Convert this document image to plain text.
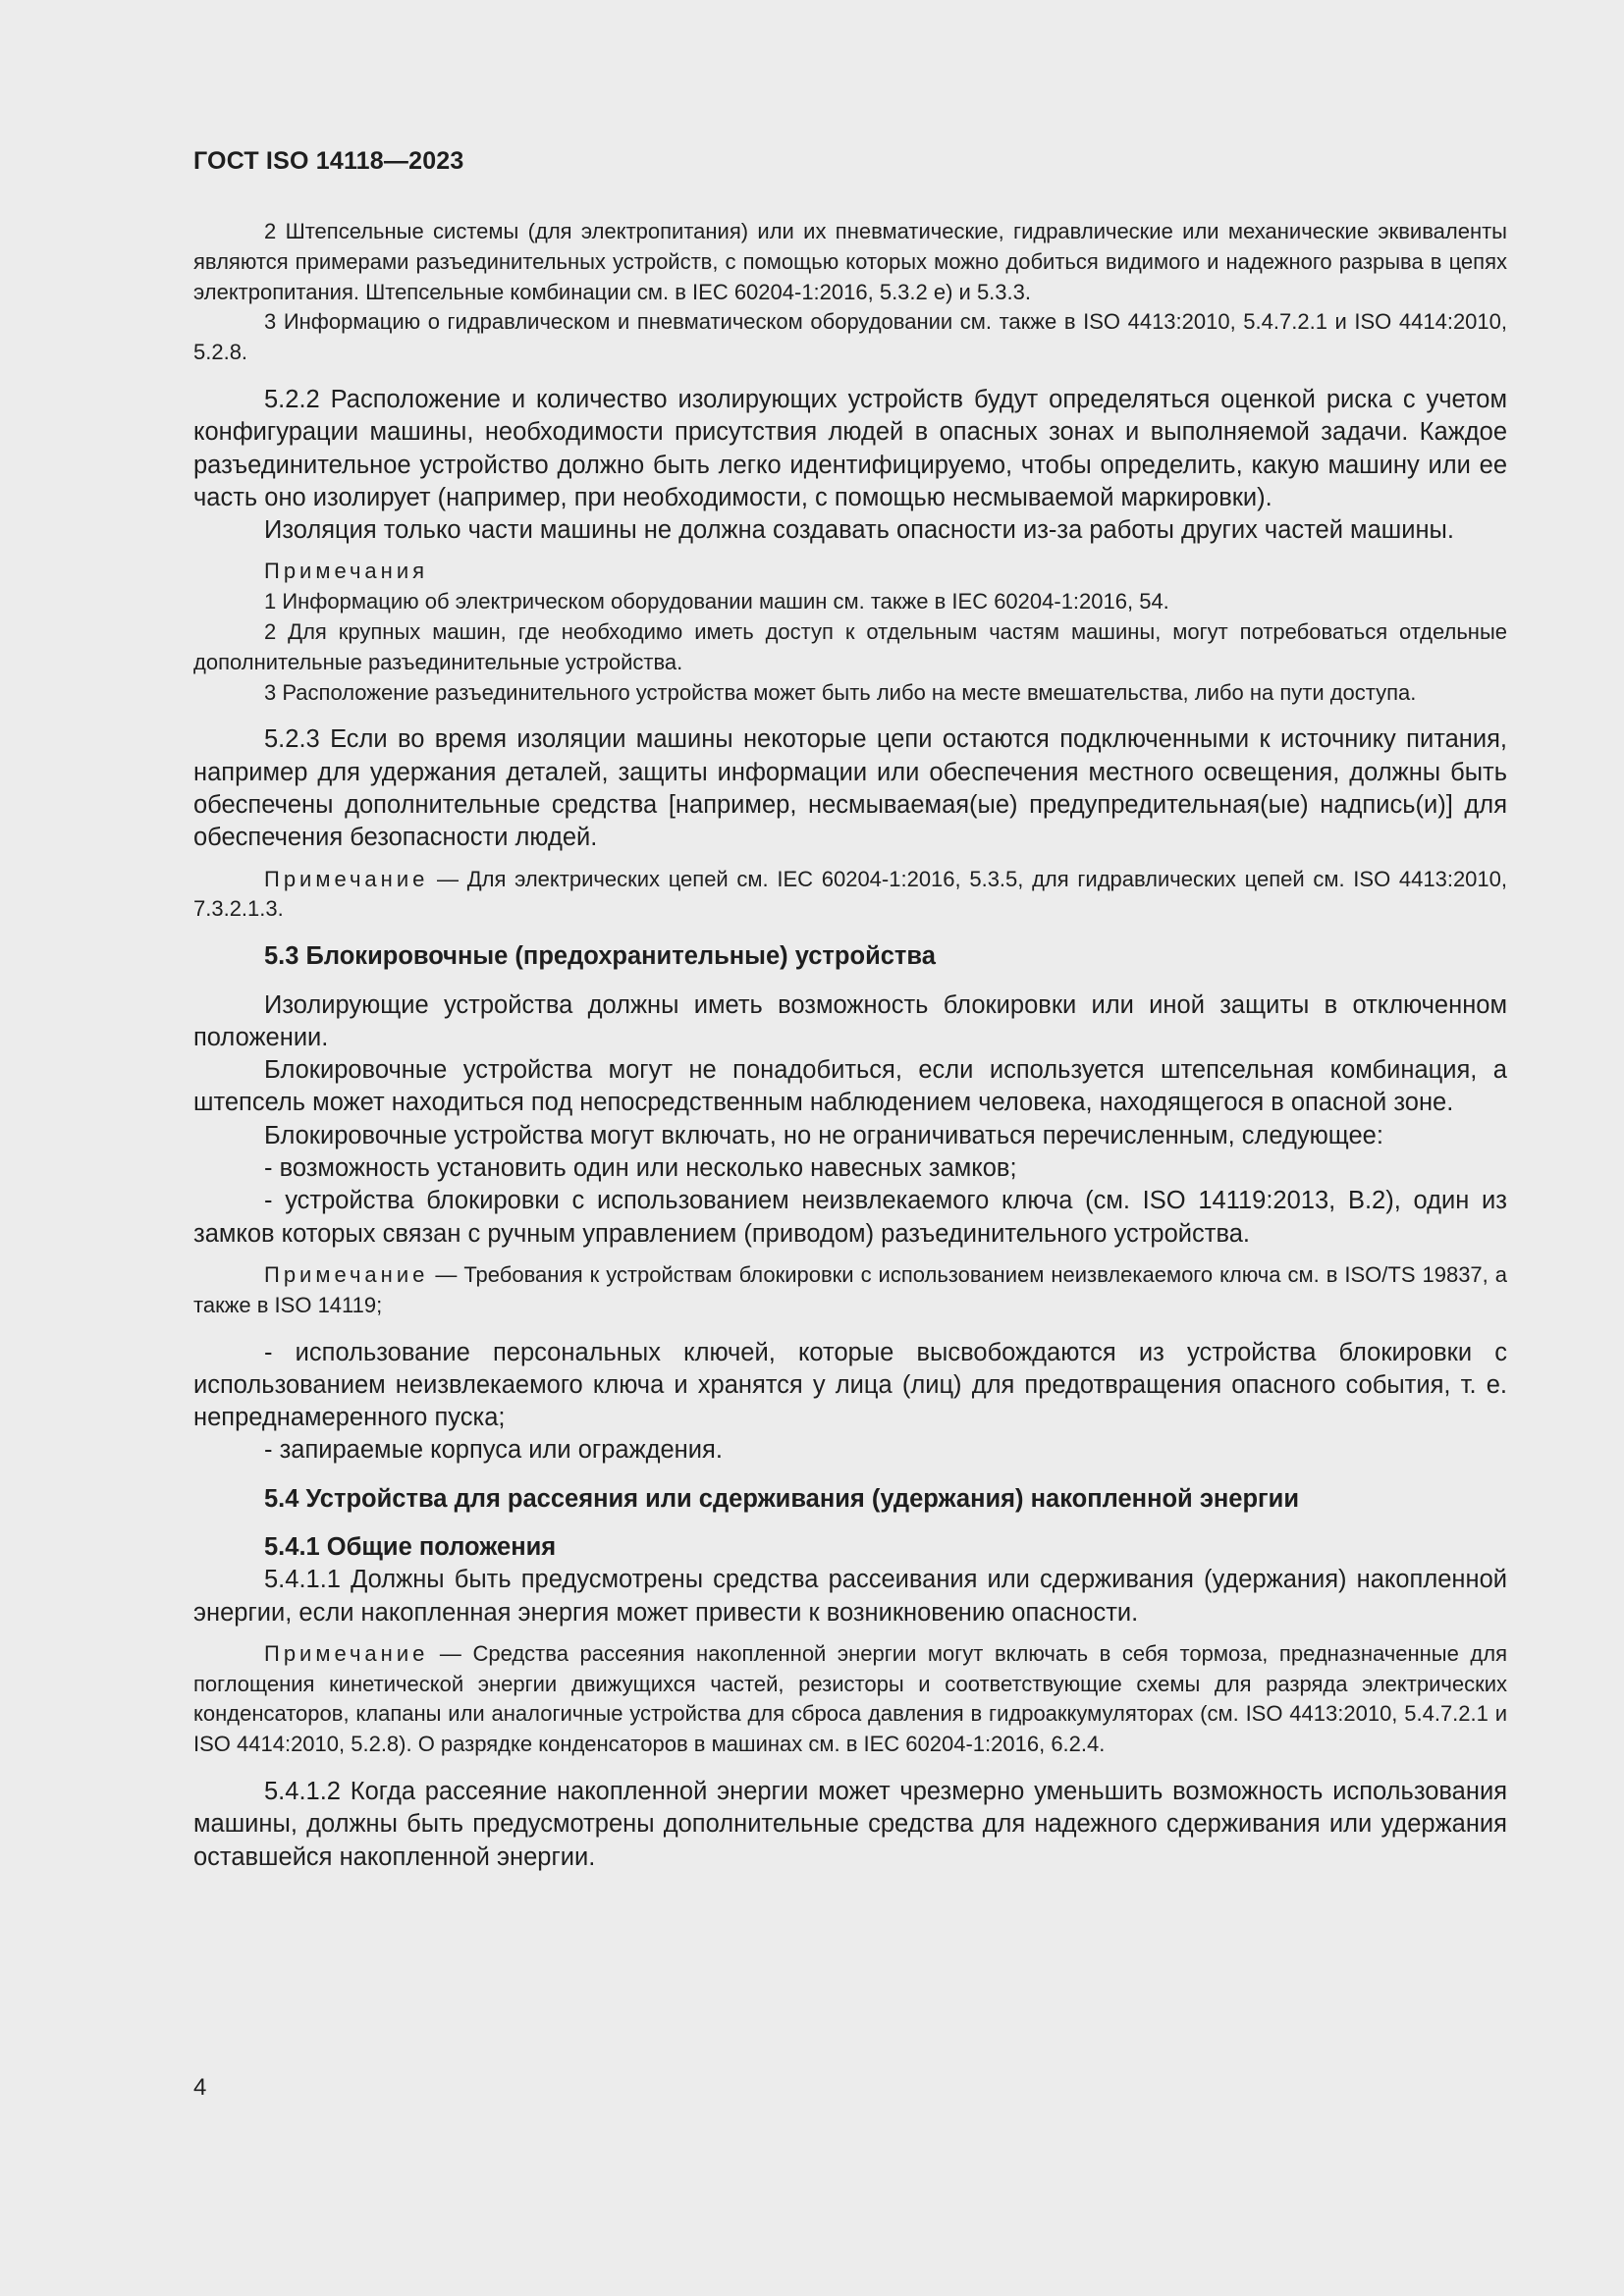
ГОСТ ISO 14118—2023

2 Штепсельные системы (для электропитания) или их пневматические, гидравлические или механические эквиваленты являются примерами разъединительных устройств, с помощью которых можно добиться видимого и надежного разрыва в цепях электропитания. Штепсельные комбинации см. в IEC 60204-1:2016, 5.3.2 е) и 5.3.3.

3 Информацию о гидравлическом и пневматическом оборудовании см. также в ISO 4413:2010, 5.4.7.2.1 и ISO 4414:2010, 5.2.8.

5.2.2 Расположение и количество изолирующих устройств будут определяться оценкой риска с учетом конфигурации машины, необходимости присутствия людей в опасных зонах и выполняемой задачи. Каждое разъединительное устройство должно быть легко идентифицируемо, чтобы определить, какую машину или ее часть оно изолирует (например, при необходимости, с помощью несмываемой маркировки).

Изоляция только части машины не должна создавать опасности из-за работы других частей машины.

Примечания

1 Информацию об электрическом оборудовании машин см. также в IEC 60204-1:2016, 54.

2 Для крупных машин, где необходимо иметь доступ к отдельным частям машины, могут потребоваться отдельные дополнительные разъединительные устройства.

3 Расположение разъединительного устройства может быть либо на месте вмешательства, либо на пути доступа.

5.2.3 Если во время изоляции машины некоторые цепи остаются подключенными к источнику питания, например для удержания деталей, защиты информации или обеспечения местного освещения, должны быть обеспечены дополнительные средства [например, несмываемая(ые) предупредительная(ые) надпись(и)] для обеспечения безопасности людей.

Примечание — Для электрических цепей см. IEC 60204-1:2016, 5.3.5, для гидравлических цепей см. ISO 4413:2010, 7.3.2.1.3.

5.3 Блокировочные (предохранительные) устройства

Изолирующие устройства должны иметь возможность блокировки или иной защиты в отключенном положении.

Блокировочные устройства могут не понадобиться, если используется штепсельная комбинация, а штепсель может находиться под непосредственным наблюдением человека, находящегося в опасной зоне.

Блокировочные устройства могут включать, но не ограничиваться перечисленным, следующее:

- возможность установить один или несколько навесных замков;

- устройства блокировки с использованием неизвлекаемого ключа (см. ISO 14119:2013, B.2), один из замков которых связан с ручным управлением (приводом) разъединительного устройства.

Примечание — Требования к устройствам блокировки с использованием неизвлекаемого ключа см. в ISO/TS 19837, а также в ISO 14119;

- использование персональных ключей, которые высвобождаются из устройства блокировки с использованием неизвлекаемого ключа и хранятся у лица (лиц) для предотвращения опасного события, т. е. непреднамеренного пуска;

- запираемые корпуса или ограждения.

5.4 Устройства для рассеяния или сдерживания (удержания) накопленной энергии
5.4.1 Общие положения

5.4.1.1 Должны быть предусмотрены средства рассеивания или сдерживания (удержания) накопленной энергии, если накопленная энергия может привести к возникновению опасности.

Примечание — Средства рассеяния накопленной энергии могут включать в себя тормоза, предназначенные для поглощения кинетической энергии движущихся частей, резисторы и соответствующие схемы для разряда электрических конденсаторов, клапаны или аналогичные устройства для сброса давления в гидроаккумуляторах (см. ISO 4413:2010, 5.4.7.2.1 и ISO 4414:2010, 5.2.8). О разрядке конденсаторов в машинах см. в IEC 60204-1:2016, 6.2.4.

5.4.1.2 Когда рассеяние накопленной энергии может чрезмерно уменьшить возможность использования машины, должны быть предусмотрены дополнительные средства для надежного сдерживания или удержания оставшейся накопленной энергии.

4
